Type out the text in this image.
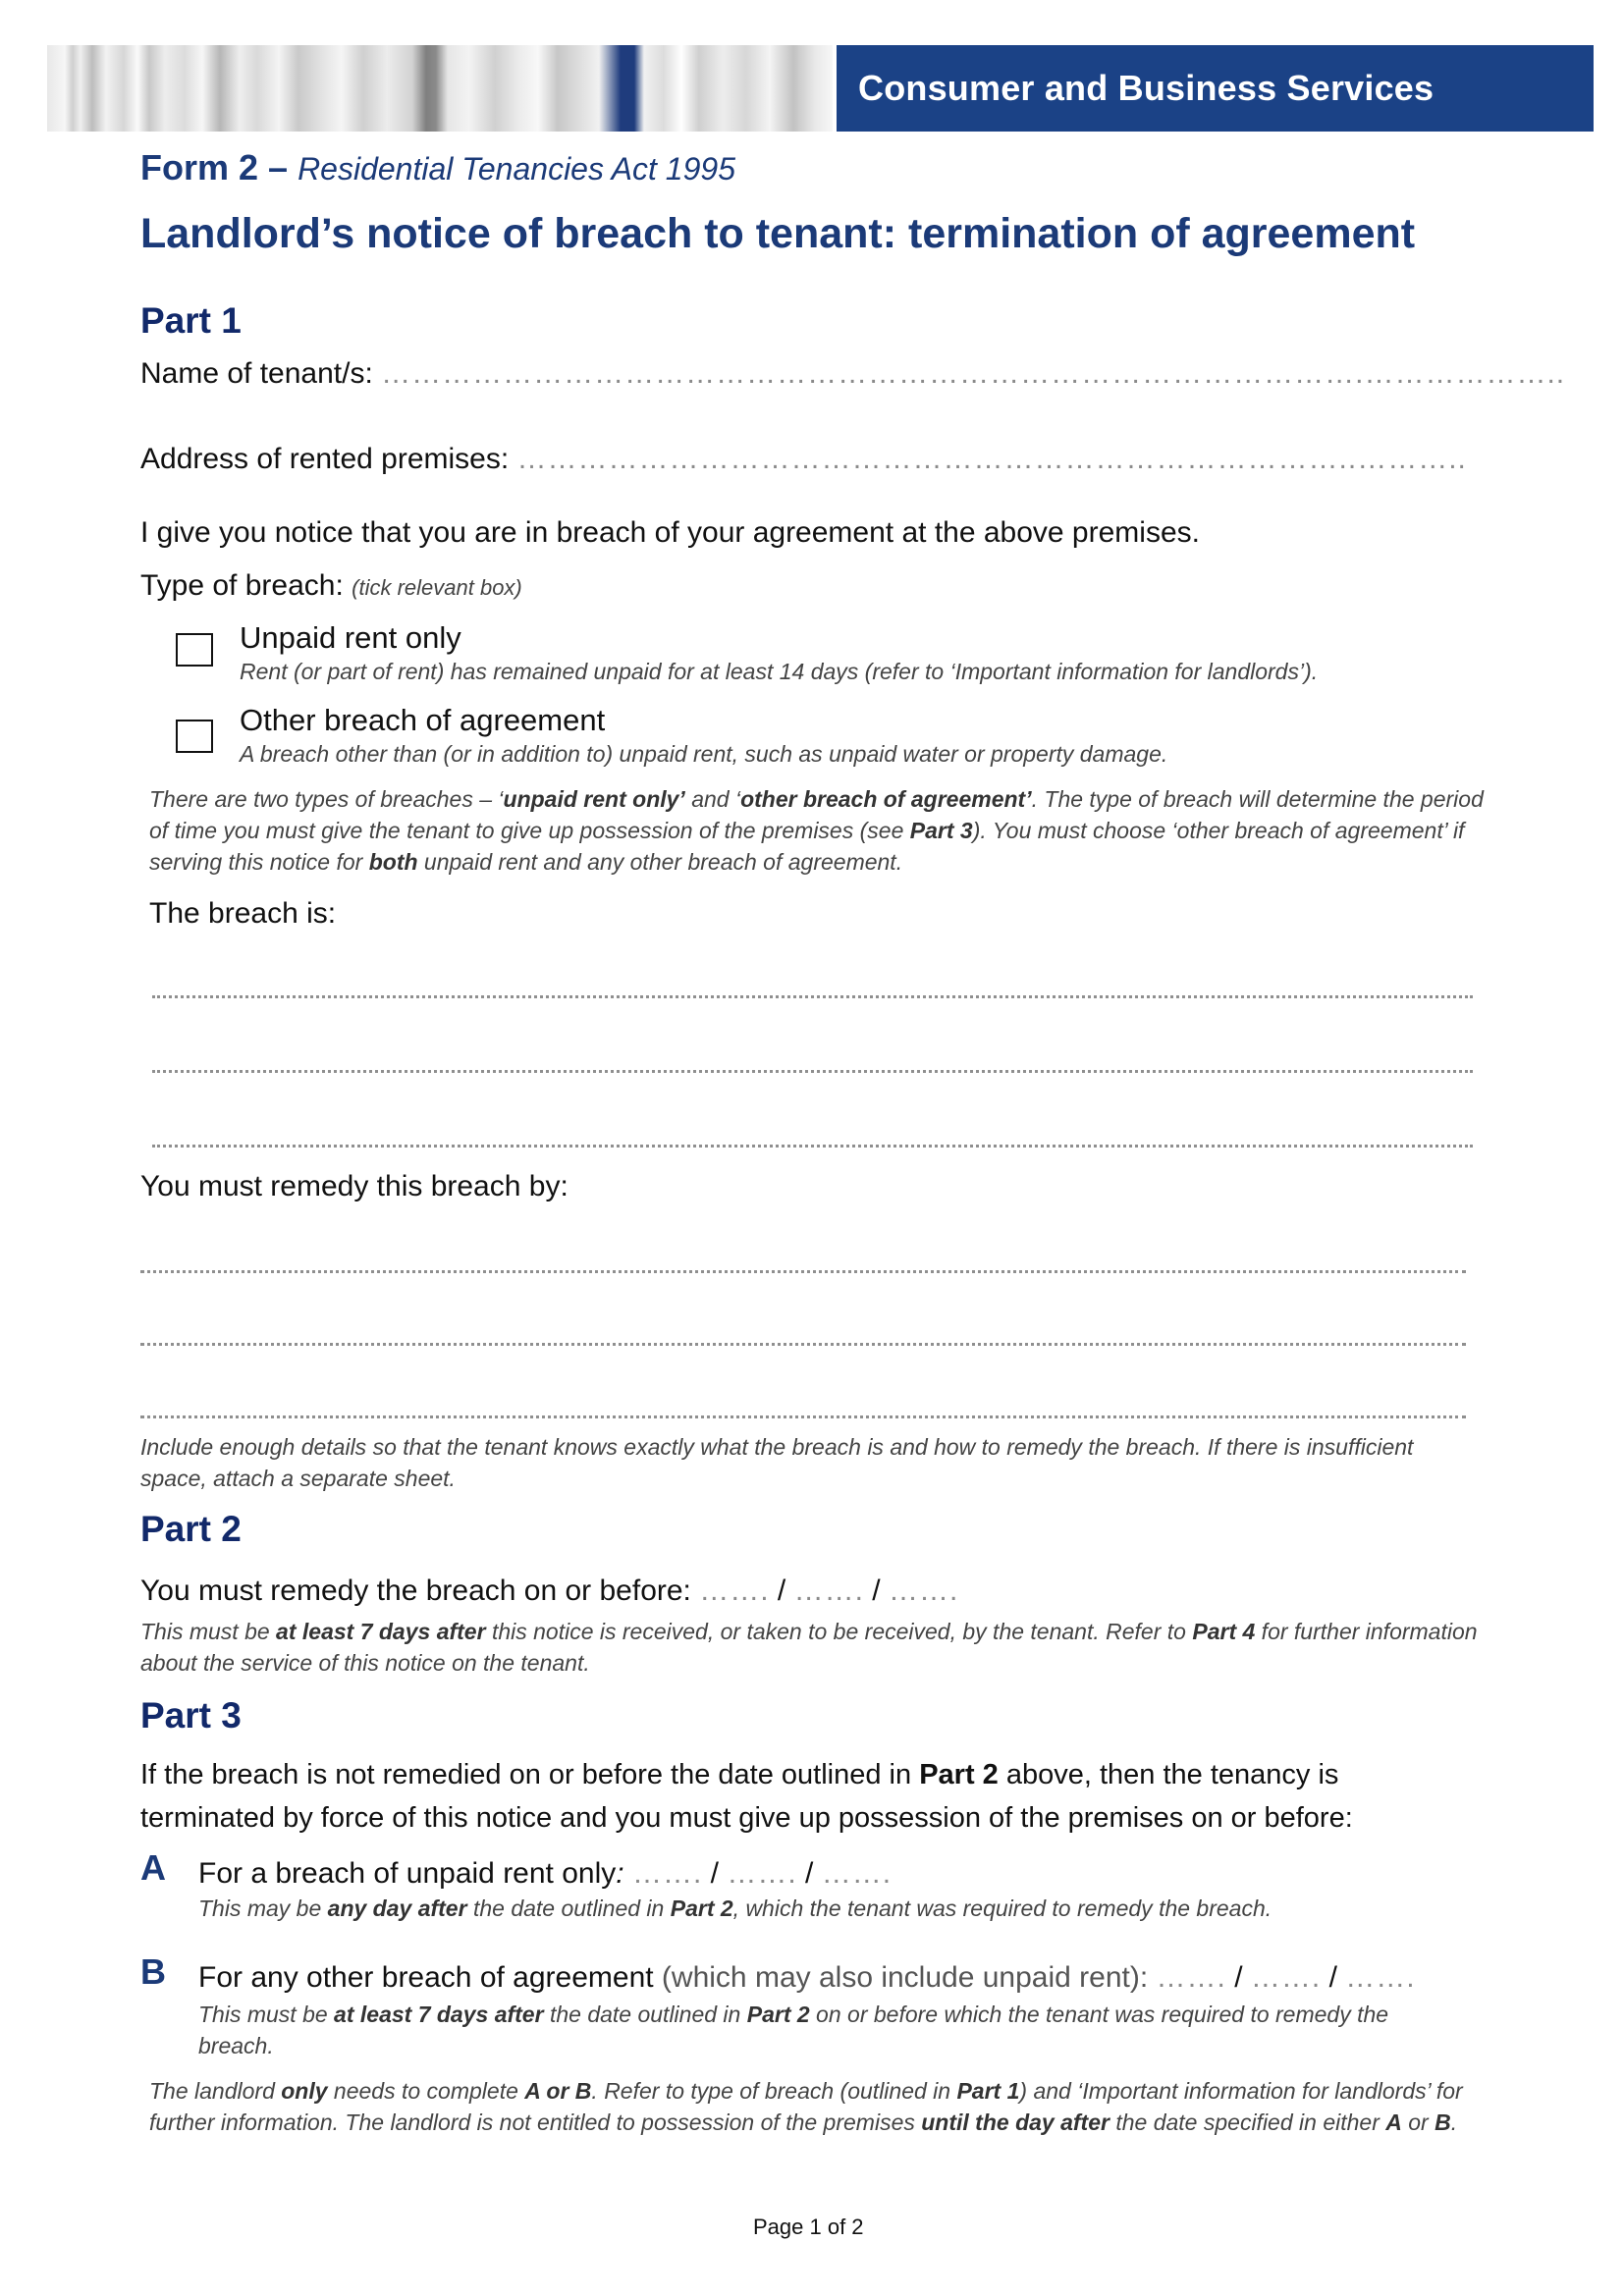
Consumer and Business Services
Form 2 – Residential Tenancies Act 1995
Landlord’s notice of breach to tenant: termination of agreement
Part 1
Name of tenant/s: …………………………………………………………………………………….………………..
Address of rented premises: ………………………………………………………………………..………..
I give you notice that you are in breach of your agreement at the above premises.
Type of breach: (tick relevant box)
Unpaid rent only
Rent (or part of rent) has remained unpaid for at least 14 days (refer to ‘Important information for landlords’).
Other breach of agreement
A breach other than (or in addition to) unpaid rent, such as unpaid water or property damage.
There are two types of breaches – ‘unpaid rent only’ and ‘other breach of agreement’. The type of breach will determine the period of time you must give the tenant to give up possession of the premises (see Part 3). You must choose ‘other breach of agreement’ if serving this notice for both unpaid rent and any other breach of agreement.
The breach is:
You must remedy this breach by:
Include enough details so that the tenant knows exactly what the breach is and how to remedy the breach. If there is insufficient space, attach a separate sheet.
Part 2
You must remedy the breach on or before: ……. / ……. / …….
This must be at least 7 days after this notice is received, or taken to be received, by the tenant. Refer to Part 4 for further information about the service of this notice on the tenant.
Part 3
If the breach is not remedied on or before the date outlined in Part 2 above, then the tenancy is terminated by force of this notice and you must give up possession of the premises on or before:
A For a breach of unpaid rent only: ……. / ……. / …….
This may be any day after the date outlined in Part 2, which the tenant was required to remedy the breach.
B For any other breach of agreement (which may also include unpaid rent): ……. / ……. / …….
This must be at least 7 days after the date outlined in Part 2 on or before which the tenant was required to remedy the breach.
The landlord only needs to complete A or B. Refer to type of breach (outlined in Part 1) and ‘Important information for landlords’ for further information. The landlord is not entitled to possession of the premises until the day after the date specified in either A or B.
Page 1 of 2
